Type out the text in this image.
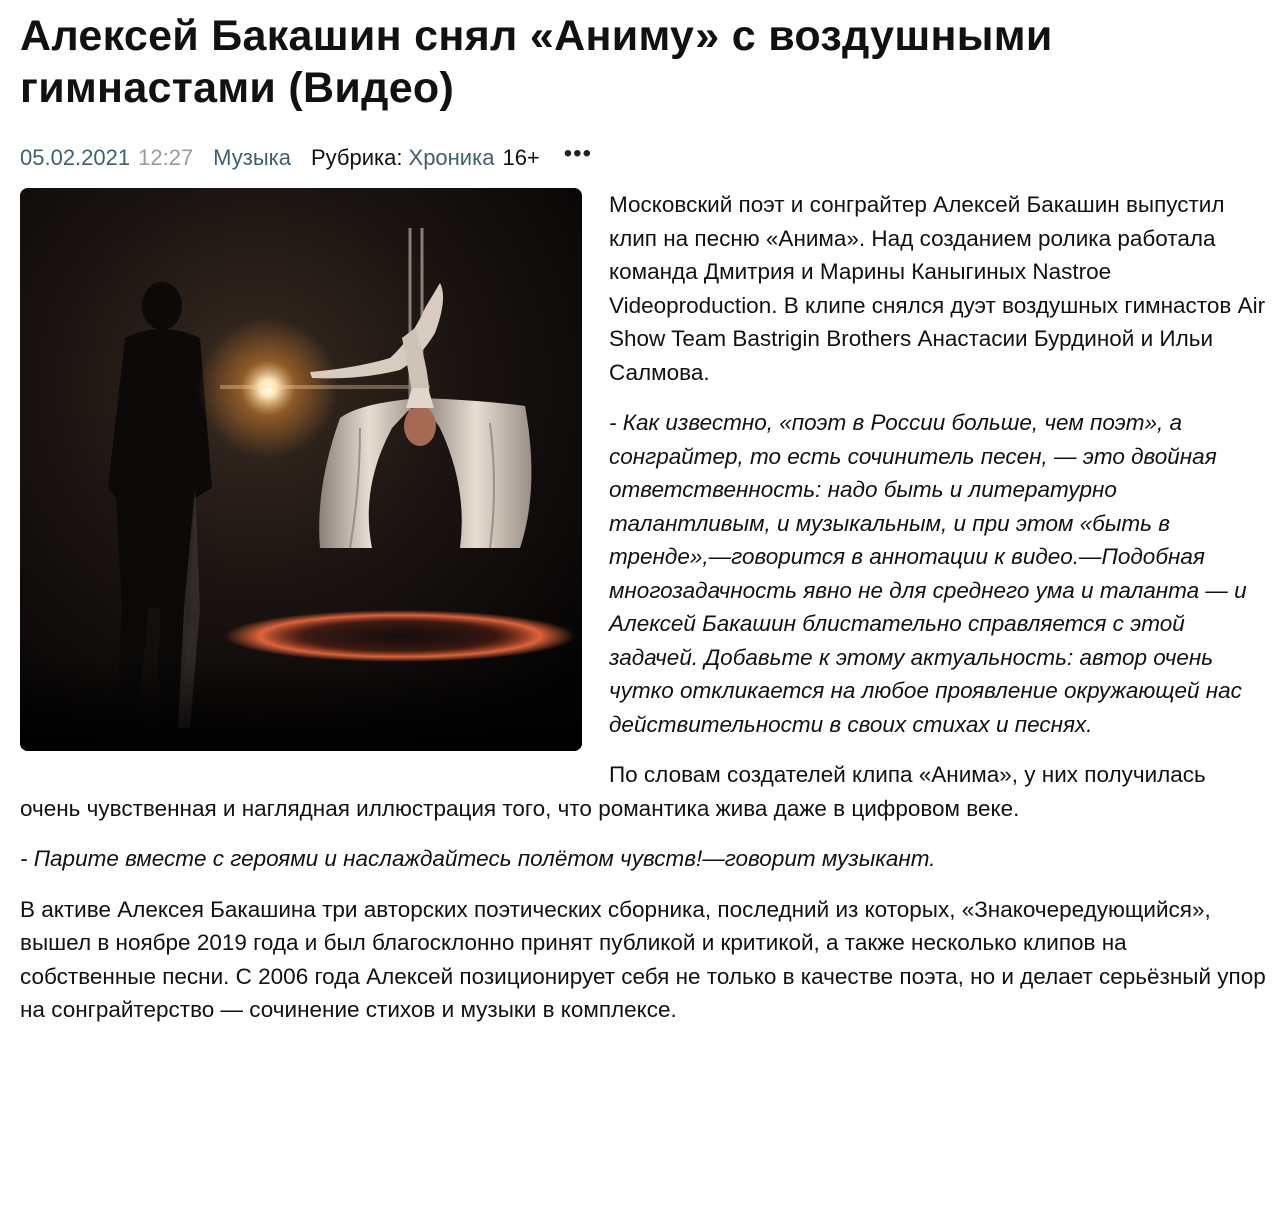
Алексей Бакашин снял «Аниму» с воздушными гимнастами (Видео)
05.02.2021 12:27 Музыка Рубрика: Хроника 16+ •••

Московский поэт и сонграйтер Алексей Бакашин выпустил клип на песню «Анима». Над созданием ролика работала команда Дмитрия и Марины Каныгиных Nastroe Videoproduction. В клипе снялся дуэт воздушных гимнастов Air Show Team Bastrigin Brothers Анастасии Бурдиной и Ильи Салмова.

- Как известно, «поэт в России больше, чем поэт», а сонграйтер, то есть сочинитель песен, — это двойная ответственность: надо быть и литературно талантливым, и музыкальным, и при этом «быть в тренде»,—говорится в аннотации к видео.—Подобная многозадачность явно не для среднего ума и таланта — и Алексей Бакашин блистательно справляется с этой задачей. Добавьте к этому актуальность: автор очень чутко откликается на любое проявление окружающей нас действительности в своих стихах и песнях.

По словам создателей клипа «Анима», у них получилась очень чувственная и наглядная иллюстрация того, что романтика жива даже в цифровом веке.

- Парите вместе с героями и наслаждайтесь полётом чувств!—говорит музыкант.

В активе Алексея Бакашина три авторских поэтических сборника, последний из которых, «Знакочередующийся», вышел в ноябре 2019 года и был благосклонно принят публикой и критикой, а также несколько клипов на собственные песни. С 2006 года Алексей позиционирует себя не только в качестве поэта, но и делает серьёзный упор на сонграйтерство — сочинение стихов и музыки в комплексе.
